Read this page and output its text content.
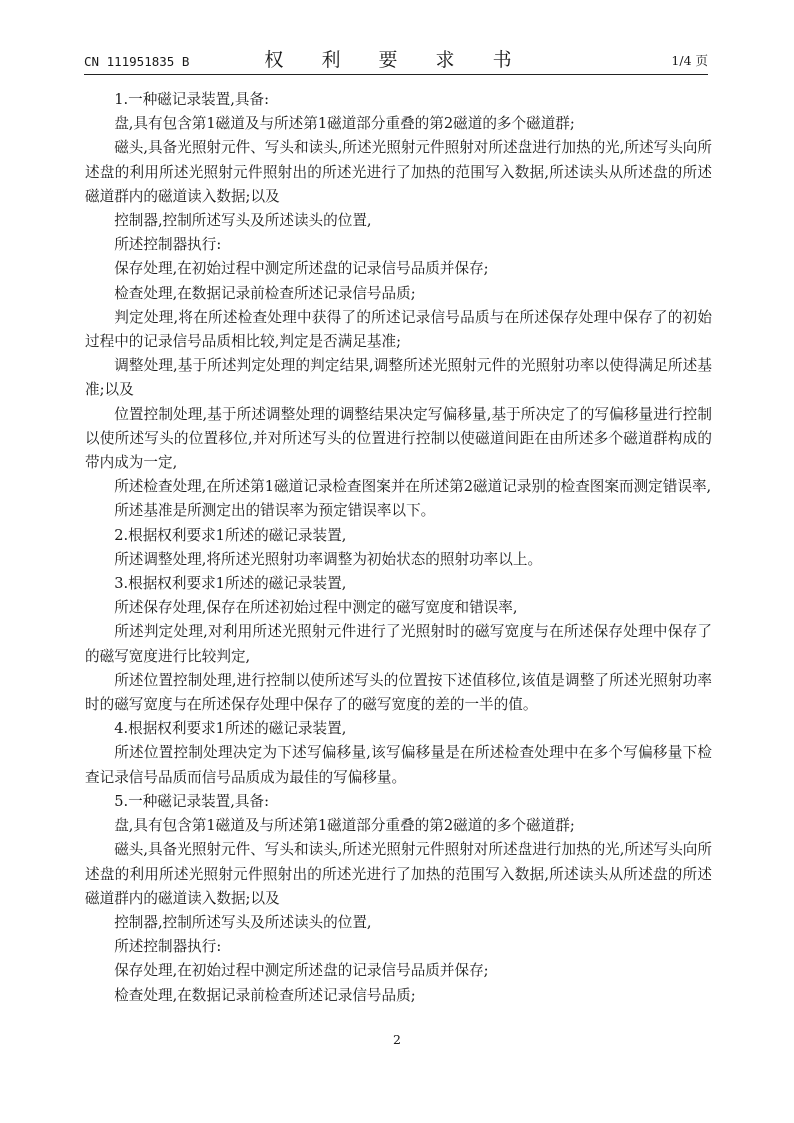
CN 111951835 B	权 利 要 求 书	1/4 页

1.一种磁记录装置,具备:

盘,具有包含第1磁道及与所述第1磁道部分重叠的第2磁道的多个磁道群;

磁头,具备光照射元件、写头和读头,所述光照射元件照射对所述盘进行加热的光,所述写头向所述盘的利用所述光照射元件照射出的所述光进行了加热的范围写入数据,所述读头从所述盘的所述磁道群内的磁道读入数据;以及

控制器,控制所述写头及所述读头的位置,

所述控制器执行:

保存处理,在初始过程中测定所述盘的记录信号品质并保存;

检查处理,在数据记录前检查所述记录信号品质;

判定处理,将在所述检查处理中获得了的所述记录信号品质与在所述保存处理中保存了的初始过程中的记录信号品质相比较,判定是否满足基准;

调整处理,基于所述判定处理的判定结果,调整所述光照射元件的光照射功率以使得满足所述基准;以及

位置控制处理,基于所述调整处理的调整结果决定写偏移量,基于所决定了的写偏移量进行控制以使所述写头的位置移位,并对所述写头的位置进行控制以使磁道间距在由所述多个磁道群构成的带内成为一定,

所述检查处理,在所述第1磁道记录检查图案并在所述第2磁道记录别的检查图案而测定错误率,

所述基准是所测定出的错误率为预定错误率以下。

2.根据权利要求1所述的磁记录装置,

所述调整处理,将所述光照射功率调整为初始状态的照射功率以上。

3.根据权利要求1所述的磁记录装置,

所述保存处理,保存在所述初始过程中测定的磁写宽度和错误率,

所述判定处理,对利用所述光照射元件进行了光照射时的磁写宽度与在所述保存处理中保存了的磁写宽度进行比较判定,

所述位置控制处理,进行控制以使所述写头的位置按下述值移位,该值是调整了所述光照射功率时的磁写宽度与在所述保存处理中保存了的磁写宽度的差的一半的值。

4.根据权利要求1所述的磁记录装置,

所述位置控制处理决定为下述写偏移量,该写偏移量是在所述检查处理中在多个写偏移量下检查记录信号品质而信号品质成为最佳的写偏移量。

5.一种磁记录装置,具备:

盘,具有包含第1磁道及与所述第1磁道部分重叠的第2磁道的多个磁道群;

磁头,具备光照射元件、写头和读头,所述光照射元件照射对所述盘进行加热的光,所述写头向所述盘的利用所述光照射元件照射出的所述光进行了加热的范围写入数据,所述读头从所述盘的所述磁道群内的磁道读入数据;以及

控制器,控制所述写头及所述读头的位置,

所述控制器执行:

保存处理,在初始过程中测定所述盘的记录信号品质并保存;

检查处理,在数据记录前检查所述记录信号品质;

2
